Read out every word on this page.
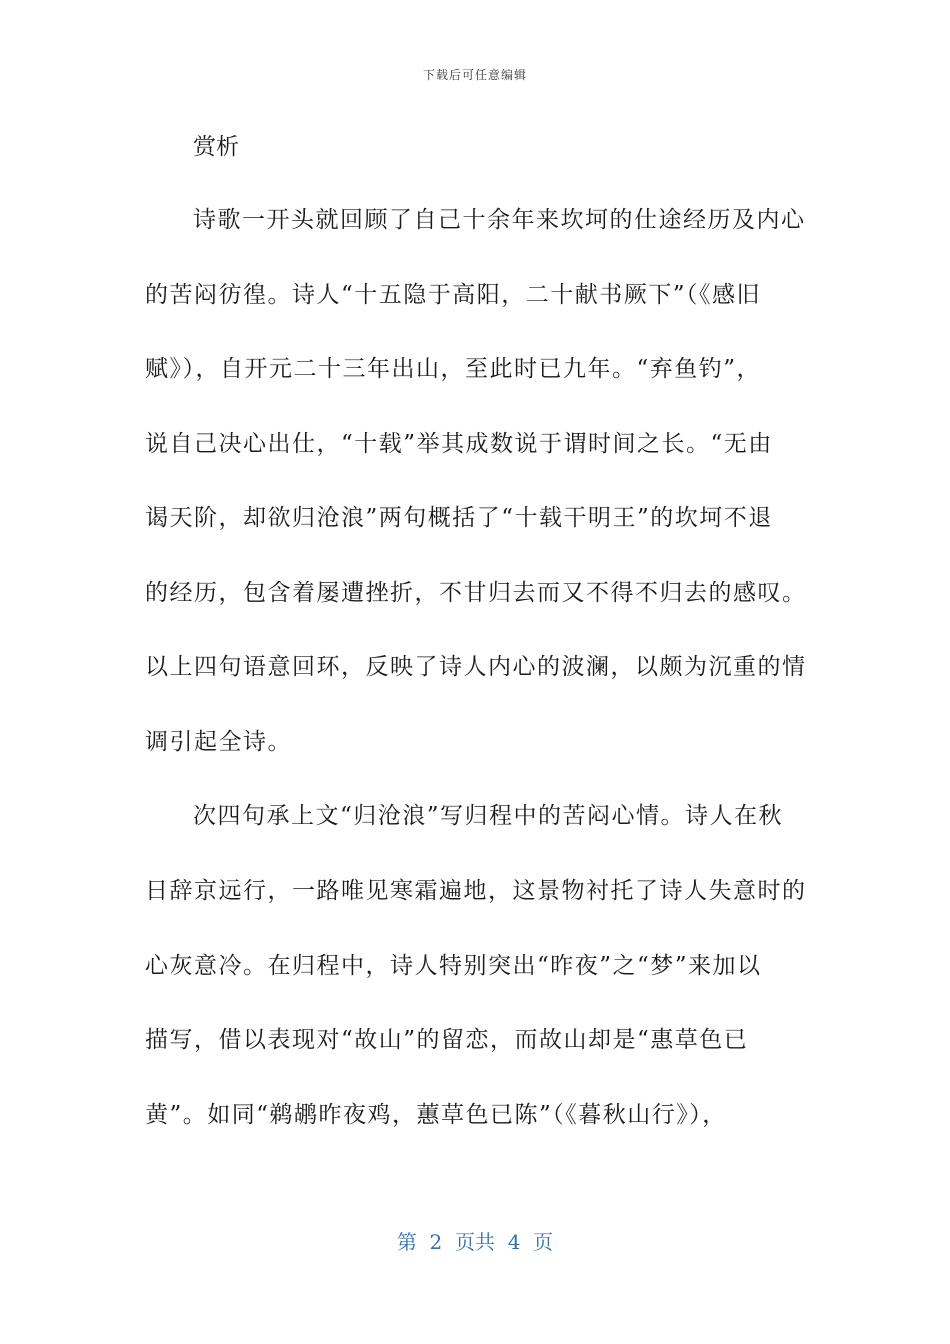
下载后可任意编辑
赏析
诗歌一开头就回顾了自己十余年来坎坷的仕途经历及内心
的苦闷彷徨。诗人“十五隐于高阳，二十献书厥下”（《感旧
赋》），自开元二十三年出山，至此时已九年。“弃鱼钓”，
说自己决心出仕，“十载”举其成数说于谓时间之长。“无由
谒天阶，却欲归沧浪”两句概括了“十载干明王”的坎坷不退
的经历，包含着屡遭挫折，不甘归去而又不得不归去的感叹。
以上四句语意回环，反映了诗人内心的波澜，以颇为沉重的情
调引起全诗。
次四句承上文“归沧浪”写归程中的苦闷心情。诗人在秋
日辞京远行，一路唯见寒霜遍地，这景物衬托了诗人失意时的
心灰意冷。在归程中，诗人特别突出“昨夜”之“梦”来加以
描写，借以表现对“故山”的留恋，而故山却是“惠草色已
黄”。如同“鹈鹕昨夜鸡，蕙草色已陈”（《暮秋山行》），
第  2  页共  4  页
